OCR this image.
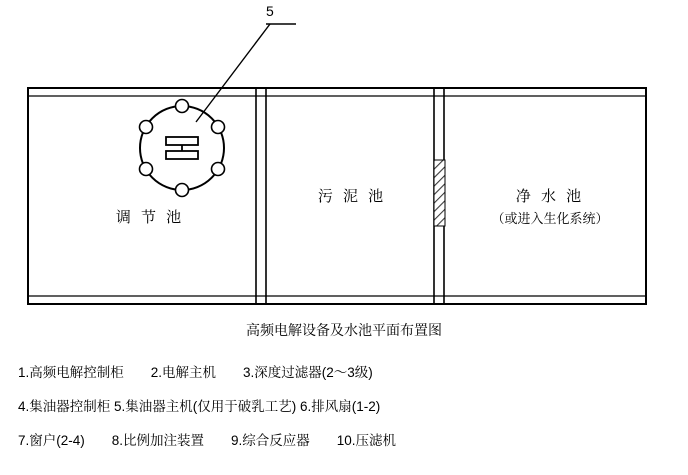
5
调 节 池
污 泥 池	净 水 池
（或进入生化系统）
高频电解设备及水池平面布置图
1.高频电解控制柜　　2.电解主机　　3.深度过滤器(2～3级)
4.集油器控制柜 5.集油器主机(仅用于破乳工艺) 6.排风扇(1-2)
7.窗户(2-4)　　8.比例加注装置　　9.综合反应器　　10.压滤机
